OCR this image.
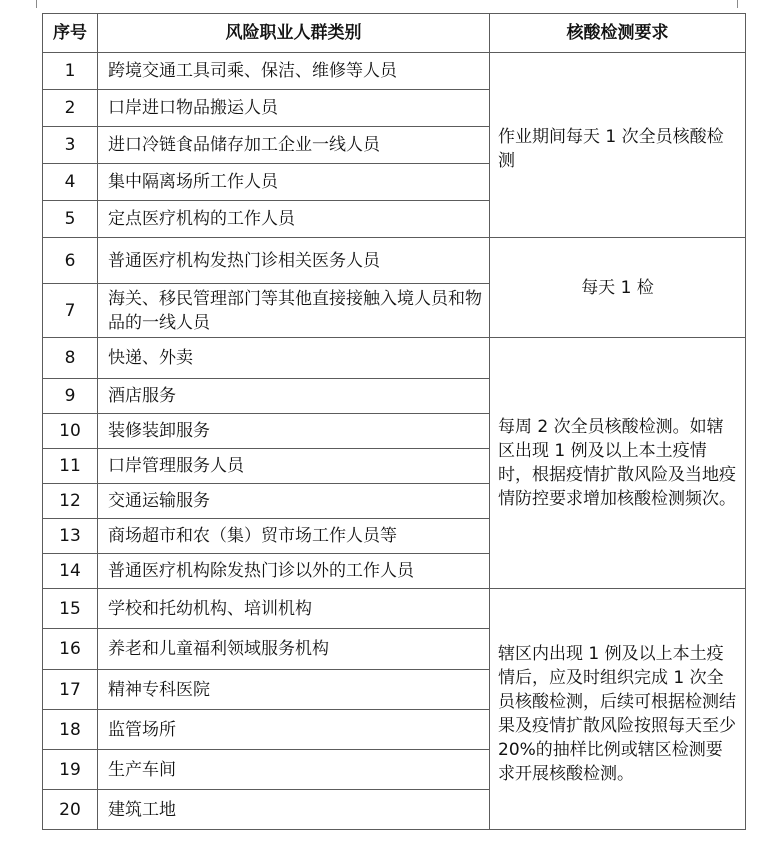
序号	风险职业人群类别	核酸检测要求
1	跨境交通工具司乘、保洁、维修等人员	作业期间每天 1 次全员核酸检测
2	口岸进口物品搬运人员	
3	进口冷链食品储存加工企业一线人员	
4	集中隔离场所工作人员	
5	定点医疗机构的工作人员	
6	普通医疗机构发热门诊相关医务人员	每天 1 检
7	海关、移民管理部门等其他直接接触入境人员和物品的一线人员	
8	快递、外卖	每周 2 次全员核酸检测。如辖区出现 1 例及以上本土疫情时，根据疫情扩散风险及当地疫情防控要求增加核酸检测频次。
9	酒店服务	
10	装修装卸服务	
11	口岸管理服务人员	
12	交通运输服务	
13	商场超市和农（集）贸市场工作人员等	
14	普通医疗机构除发热门诊以外的工作人员	
15	学校和托幼机构、培训机构	辖区内出现 1 例及以上本土疫情后，应及时组织完成 1 次全员核酸检测，后续可根据检测结果及疫情扩散风险按照每天至少 20%的抽样比例或辖区检测要求开展核酸检测。
16	养老和儿童福利领域服务机构	
17	精神专科医院	
18	监管场所	
19	生产车间	
20	建筑工地	
